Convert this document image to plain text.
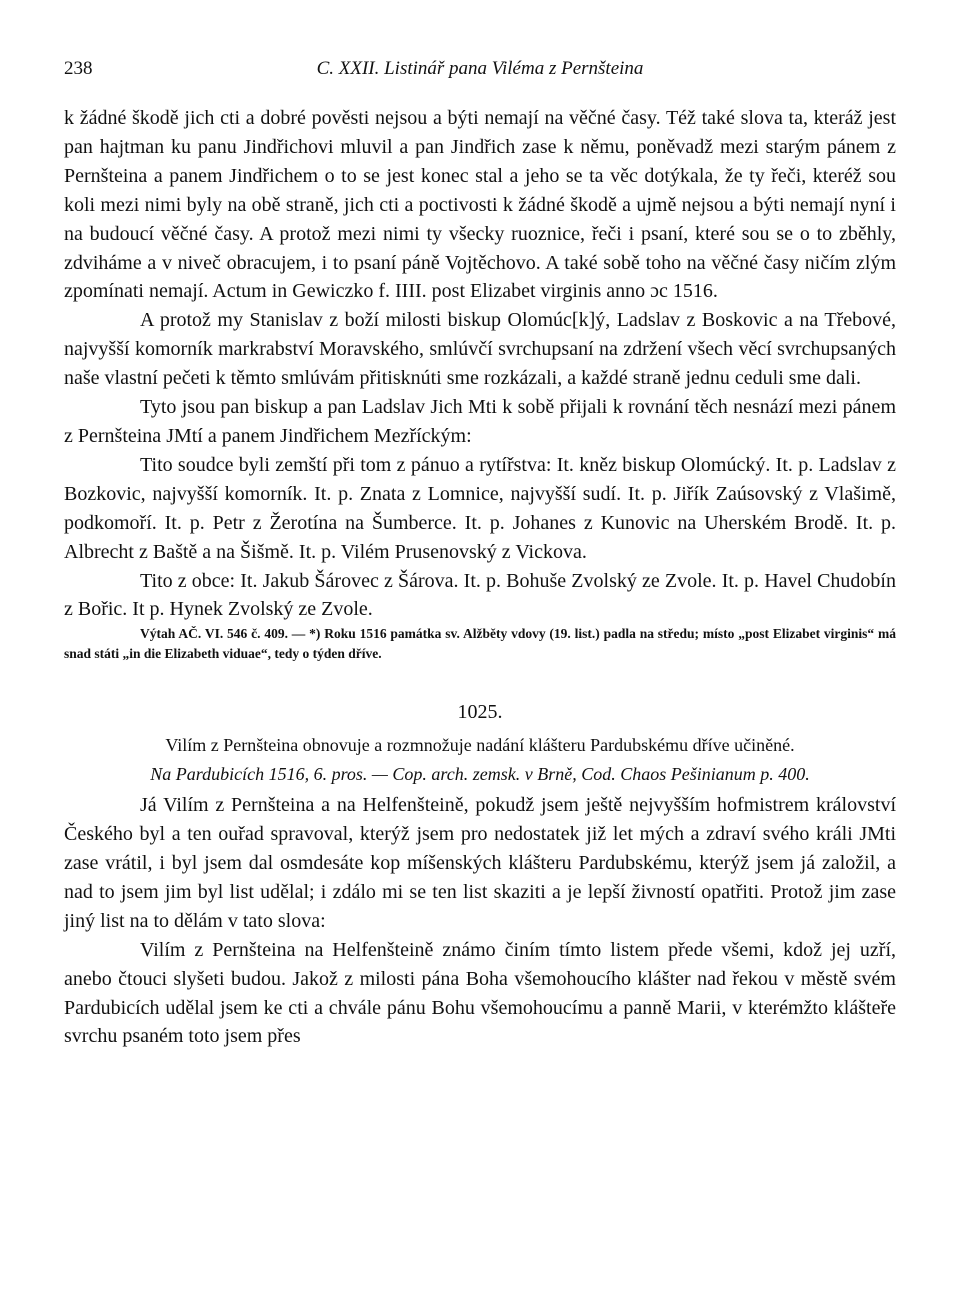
238	C. XXII. Listinář pana Viléma z Pernšteina

k žádné škodě jich cti a dobré pověsti nejsou a býti nemají na věčné časy. Též také slova ta, kteráž jest pan hajtman ku panu Jindřichovi mluvil a pan Jindřich zase k němu, poněvadž mezi starým pánem z Pernšteina a panem Jindřichem o to se jest konec stal a jeho se ta věc dotýkala, že ty řeči, kteréž sou koli mezi nimi byly na obě straně, jich cti a poctivosti k žádné škodě a ujmě nejsou a býti nemají nyní i na budoucí věčné časy. A protož mezi nimi ty všecky ruoznice, řeči i psaní, které sou se o to zběhly, zdviháme a v niveč obracujem, i to psaní páně Vojtěchovo. A také sobě toho na věčné časy ničím zlým zpomínati nemají. Actum in Gewiczko f. IIII. post Elizabet virginis anno ɔc 1516.

A protož my Stanislav z boží milosti biskup Olomúc[k]ý, Ladslav z Boskovic a na Třebové, najvyšší komorník markrabství Moravského, smlúvčí svrchupsaní na zdržení všech věcí svrchupsaných naše vlastní pečeti k těmto smlúvám přitisknúti sme rozkázali, a každé straně jednu ceduli sme dali.

Tyto jsou pan biskup a pan Ladslav Jich Mti k sobě přijali k rovnání těch nesnází mezi pánem z Pernšteina JMtí a panem Jindřichem Mezříckým:

Tito soudce byli zemští při tom z pánuo a rytířstva: It. kněz biskup Olomúcký. It. p. Ladslav z Bozkovic, najvyšší komorník. It. p. Znata z Lomnice, najvyšší sudí. It. p. Jiřík Zaúsovský z Vlašimě, podkomoří. It. p. Petr z Žerotína na Šumberce. It. p. Johanes z Kunovic na Uherském Brodě. It. p. Albrecht z Baště a na Šišmě. It. p. Vilém Prusenovský z Vickova.

Tito z obce: It. Jakub Šárovec z Šárova. It. p. Bohuše Zvolský ze Zvole. It. p. Havel Chudobín z Bořic. It p. Hynek Zvolský ze Zvole.

Výtah AČ. VI. 546 č. 409. — *) Roku 1516 památka sv. Alžběty vdovy (19. list.) padla na středu; místo „post Elizabet virginis“ má snad státi „in die Elizabeth viduae“, tedy o týden dříve.

1025.

Vilím z Pernšteina obnovuje a rozmnožuje nadání klášteru Pardubskému dříve učiněné.

Na Pardubicích 1516, 6. pros. — Cop. arch. zemsk. v Brně, Cod. Chaos Pešinianum p. 400.

Já Vilím z Pernšteina a na Helfenšteině, pokudž jsem ještě nejvyšším hofmistrem království Českého byl a ten ouřad spravoval, kterýž jsem pro nedostatek již let mých a zdraví svého králi JMti zase vrátil, i byl jsem dal osmdesáte kop míšenských klášteru Pardubskému, kterýž jsem já založil, a nad to jsem jim byl list udělal; i zdálo mi se ten list skaziti a je lepší živností opatřiti. Protož jim zase jiný list na to dělám v tato slova:

Vilím z Pernšteina na Helfenšteině známo činím tímto listem přede všemi, kdož jej uzří, anebo čtouci slyšeti budou. Jakož z milosti pána Boha všemohoucího klášter nad řekou v městě svém Pardubicích udělal jsem ke cti a chvále pánu Bohu všemohoucímu a panně Marii, v kterémžto klášteře svrchu psaném toto jsem přes
